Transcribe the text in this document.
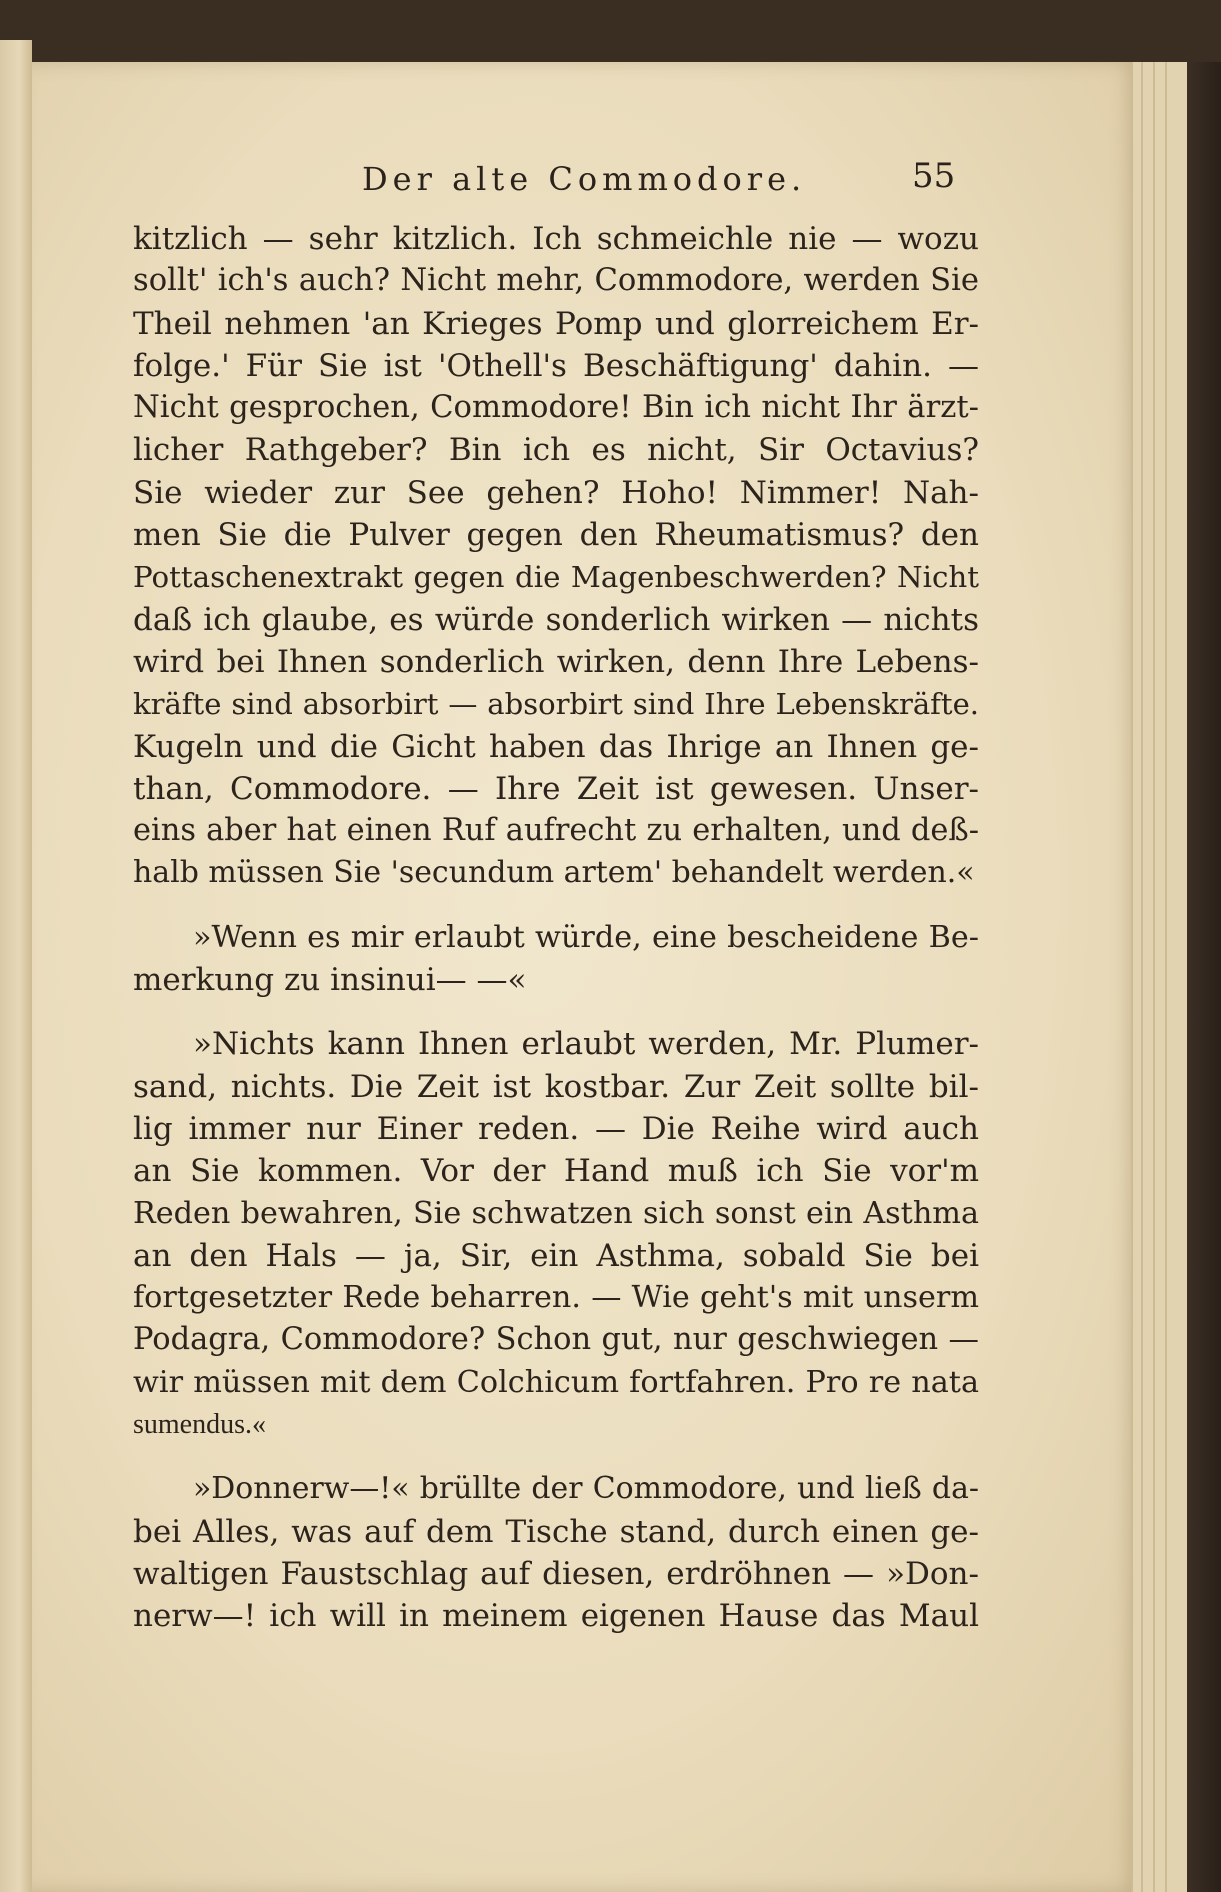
Der alte Commodore.	55
kitzlich — sehr kitzlich. Ich schmeichle nie — wozu
sollt' ich's auch? Nicht mehr, Commodore, werden Sie
Theil nehmen 'an Krieges Pomp und glorreichem Er-
folge.' Für Sie ist 'Othell's Beschäftigung' dahin. —
Nicht gesprochen, Commodore! Bin ich nicht Ihr ärzt-
licher Rathgeber? Bin ich es nicht, Sir Octavius?
Sie wieder zur See gehen? Hoho! Nimmer! Nah-
men Sie die Pulver gegen den Rheumatismus? den
Pottaschenextrakt gegen die Magenbeschwerden? Nicht
daß ich glaube, es würde sonderlich wirken — nichts
wird bei Ihnen sonderlich wirken, denn Ihre Lebens-
kräfte sind absorbirt — absorbirt sind Ihre Lebenskräfte.
Kugeln und die Gicht haben das Ihrige an Ihnen ge-
than, Commodore. — Ihre Zeit ist gewesen. Unser-
eins aber hat einen Ruf aufrecht zu erhalten, und deß-
halb müssen Sie 'secundum artem' behandelt werden.«
»Wenn es mir erlaubt würde, eine bescheidene Be-
merkung zu insinui— —«
»Nichts kann Ihnen erlaubt werden, Mr. Plumer-
sand, nichts. Die Zeit ist kostbar. Zur Zeit sollte bil-
lig immer nur Einer reden. — Die Reihe wird auch
an Sie kommen. Vor der Hand muß ich Sie vor'm
Reden bewahren, Sie schwatzen sich sonst ein Asthma
an den Hals — ja, Sir, ein Asthma, sobald Sie bei
fortgesetzter Rede beharren. — Wie geht's mit unserm
Podagra, Commodore? Schon gut, nur geschwiegen —
wir müssen mit dem Colchicum fortfahren. Pro re nata
sumendus.«
»Donnerw—!« brüllte der Commodore, und ließ da-
bei Alles, was auf dem Tische stand, durch einen ge-
waltigen Faustschlag auf diesen, erdröhnen — »Don-
nerw—! ich will in meinem eigenen Hause das Maul
